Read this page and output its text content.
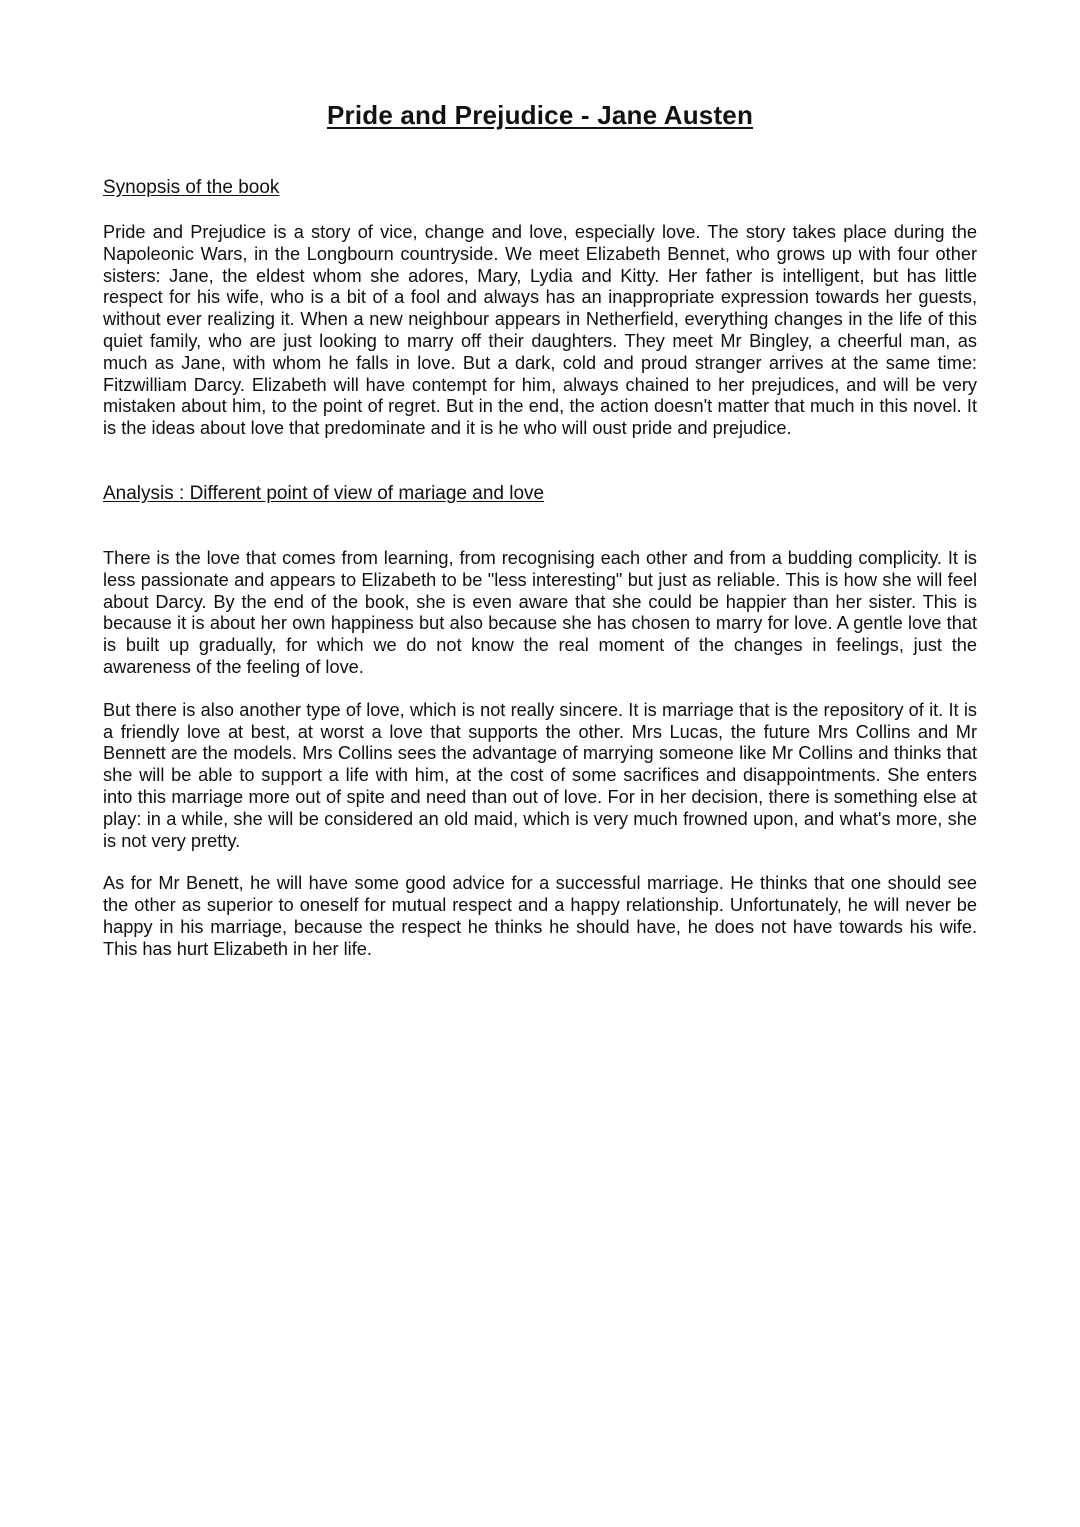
Pride and Prejudice - Jane Austen
Synopsis of the book

Pride and Prejudice is a story of vice, change and love, especially love. The story takes place during the Napoleonic Wars, in the Longbourn countryside. We meet Elizabeth Bennet, who grows up with four other sisters: Jane, the eldest whom she adores, Mary, Lydia and Kitty. Her father is intelligent, but has little respect for his wife, who is a bit of a fool and always has an inappropriate expression towards her guests, without ever realizing it. When a new neighbour appears in Netherfield, everything changes in the life of this quiet family, who are just looking to marry off their daughters. They meet Mr Bingley, a cheerful man, as much as Jane, with whom he falls in love. But a dark, cold and proud stranger arrives at the same time: Fitzwilliam Darcy. Elizabeth will have contempt for him, always chained to her prejudices, and will be very mistaken about him, to the point of regret. But in the end, the action doesn't matter that much in this novel. It is the ideas about love that predominate and it is he who will oust pride and prejudice.

Analysis : Different point of view of mariage and love

There is the love that comes from learning, from recognising each other and from a budding complicity. It is less passionate and appears to Elizabeth to be "less interesting" but just as reliable. This is how she will feel about Darcy. By the end of the book, she is even aware that she could be happier than her sister. This is because it is about her own happiness but also because she has chosen to marry for love. A gentle love that is built up gradually, for which we do not know the real moment of the changes in feelings, just the awareness of the feeling of love.

But there is also another type of love, which is not really sincere. It is marriage that is the repository of it. It is a friendly love at best, at worst a love that supports the other. Mrs Lucas, the future Mrs Collins and Mr Bennett are the models. Mrs Collins sees the advantage of marrying someone like Mr Collins and thinks that she will be able to support a life with him, at the cost of some sacrifices and disappointments. She enters into this marriage more out of spite and need than out of love. For in her decision, there is something else at play: in a while, she will be considered an old maid, which is very much frowned upon, and what's more, she is not very pretty.

As for Mr Benett, he will have some good advice for a successful marriage. He thinks that one should see the other as superior to oneself for mutual respect and a happy relationship. Unfortunately, he will never be happy in his marriage, because the respect he thinks he should have, he does not have towards his wife. This has hurt Elizabeth in her life.
